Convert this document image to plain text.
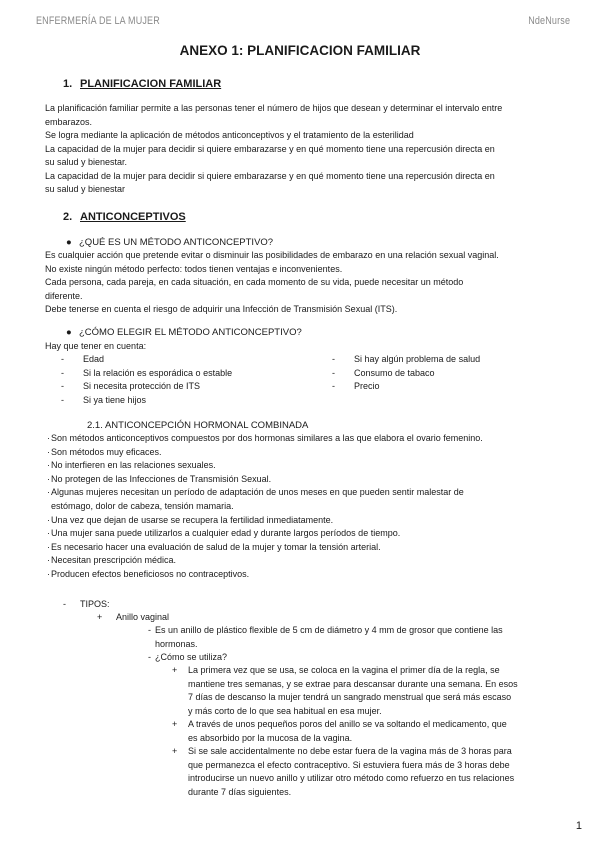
ENFERMERÍA DE LA MUJER	NdeNurse
ANEXO 1: PLANIFICACION FAMILIAR
1. PLANIFICACION FAMILIAR
La planificación familiar permite a las personas tener el número de hijos que desean y determinar el intervalo entre
embarazos.
Se logra mediante la aplicación de métodos anticonceptivos y el tratamiento de la esterilidad
La capacidad de la mujer para decidir si quiere embarazarse y en qué momento tiene una repercusión directa en
su salud y bienestar.
La capacidad de la mujer para decidir si quiere embarazarse y en qué momento tiene una repercusión directa en
su salud y bienestar
2. ANTICONCEPTIVOS
● ¿QUÉ ES UN MÉTODO ANTICONCEPTIVO?
Es cualquier acción que pretende evitar o disminuir las posibilidades de embarazo en una relación sexual vaginal.
No existe ningún método perfecto: todos tienen ventajas e inconvenientes.
Cada persona, cada pareja, en cada situación, en cada momento de su vida, puede necesitar un método
diferente.
Debe tenerse en cuenta el riesgo de adquirir una Infección de Transmisión Sexual (ITS).
● ¿CÓMO ELEGIR EL MÉTODO ANTICONCEPTIVO?
Hay que tener en cuenta:
- Edad
- Si la relación es esporádica o estable
- Si necesita protección de ITS
- Si ya tiene hijos
- Si hay algún problema de salud
- Consumo de tabaco
- Precio
2.1. ANTICONCEPCIÓN HORMONAL COMBINADA
·Son métodos anticonceptivos compuestos por dos hormonas similares a las que elabora el ovario femenino.
·Son métodos muy eficaces.
·No interfieren en las relaciones sexuales.
·No protegen de las Infecciones de Transmisión Sexual.
·Algunas mujeres necesitan un período de adaptación de unos meses en que pueden sentir malestar de
estómago, dolor de cabeza, tensión mamaria.
·Una vez que dejan de usarse se recupera la fertilidad inmediatamente.
·Una mujer sana puede utilizarlos a cualquier edad y durante largos períodos de tiempo.
·Es necesario hacer una evaluación de salud de la mujer y tomar la tensión arterial.
·Necesitan prescripción médica.
·Producen efectos beneficiosos no contraceptivos.
- TIPOS:
+ Anillo vaginal
- Es un anillo de plástico flexible de 5 cm de diámetro y 4 mm de grosor que contiene las
hormonas.
- ¿Cómo se utiliza?
+ La primera vez que se usa, se coloca en la vagina el primer día de la regla, se
mantiene tres semanas, y se extrae para descansar durante una semana. En esos
7 días de descanso la mujer tendrá un sangrado menstrual que será más escaso
y más corto de lo que sea habitual en esa mujer.
+ A través de unos pequeños poros del anillo se va soltando el medicamento, que
es absorbido por la mucosa de la vagina.
+ Si se sale accidentalmente no debe estar fuera de la vagina más de 3 horas para
que permanezca el efecto contraceptivo. Si estuviera fuera más de 3 horas debe
introducirse un nuevo anillo y utilizar otro método como refuerzo en tus relaciones
durante 7 días siguientes.
1
